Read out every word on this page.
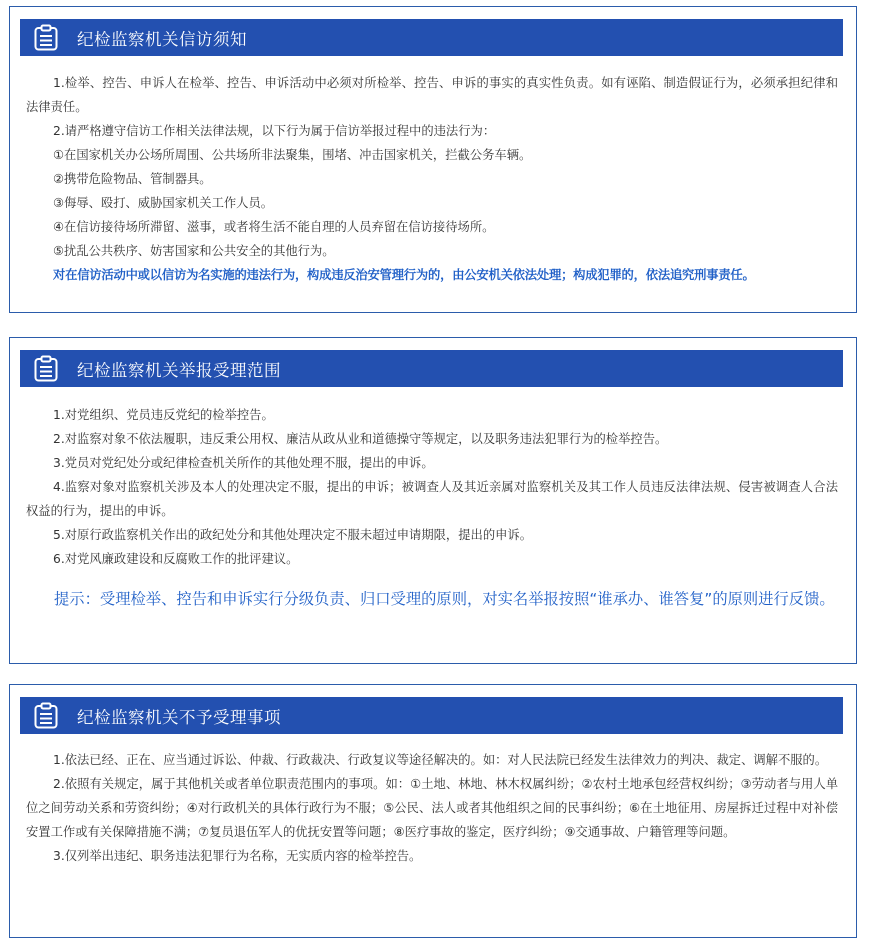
纪检监察机关信访须知

1.检举、控告、申诉人在检举、控告、申诉活动中必须对所检举、控告、申诉的事实的真实性负责。如有诬陷、制造假证行为，必须承担纪律和法律责任。

2.请严格遵守信访工作相关法律法规，以下行为属于信访举报过程中的违法行为：

①在国家机关办公场所周围、公共场所非法聚集，围堵、冲击国家机关，拦截公务车辆。

②携带危险物品、管制器具。

③侮辱、殴打、威胁国家机关工作人员。

④在信访接待场所滞留、滋事，或者将生活不能自理的人员弃留在信访接待场所。

⑤扰乱公共秩序、妨害国家和公共安全的其他行为。

对在信访活动中或以信访为名实施的违法行为，构成违反治安管理行为的，由公安机关依法处理；构成犯罪的，依法追究刑事责任。

纪检监察机关举报受理范围

1.对党组织、党员违反党纪的检举控告。

2.对监察对象不依法履职，违反秉公用权、廉洁从政从业和道德操守等规定，以及职务违法犯罪行为的检举控告。

3.党员对党纪处分或纪律检查机关所作的其他处理不服，提出的申诉。

4.监察对象对监察机关涉及本人的处理决定不服，提出的申诉；被调查人及其近亲属对监察机关及其工作人员违反法律法规、侵害被调查人合法权益的行为，提出的申诉。

5.对原行政监察机关作出的政纪处分和其他处理决定不服未超过申请期限，提出的申诉。

6.对党风廉政建设和反腐败工作的批评建议。

提示：受理检举、控告和申诉实行分级负责、归口受理的原则，对实名举报按照“谁承办、谁答复”的原则进行反馈。

纪检监察机关不予受理事项

1.依法已经、正在、应当通过诉讼、仲裁、行政裁决、行政复议等途径解决的。如：对人民法院已经发生法律效力的判决、裁定、调解不服的。

2.依照有关规定，属于其他机关或者单位职责范围内的事项。如：①土地、林地、林木权属纠纷；②农村土地承包经营权纠纷；③劳动者与用人单位之间劳动关系和劳资纠纷；④对行政机关的具体行政行为不服；⑤公民、法人或者其他组织之间的民事纠纷；⑥在土地征用、房屋拆迁过程中对补偿安置工作或有关保障措施不满；⑦复员退伍军人的优抚安置等问题；⑧医疗事故的鉴定，医疗纠纷；⑨交通事故、户籍管理等问题。

3.仅列举出违纪、职务违法犯罪行为名称，无实质内容的检举控告。
